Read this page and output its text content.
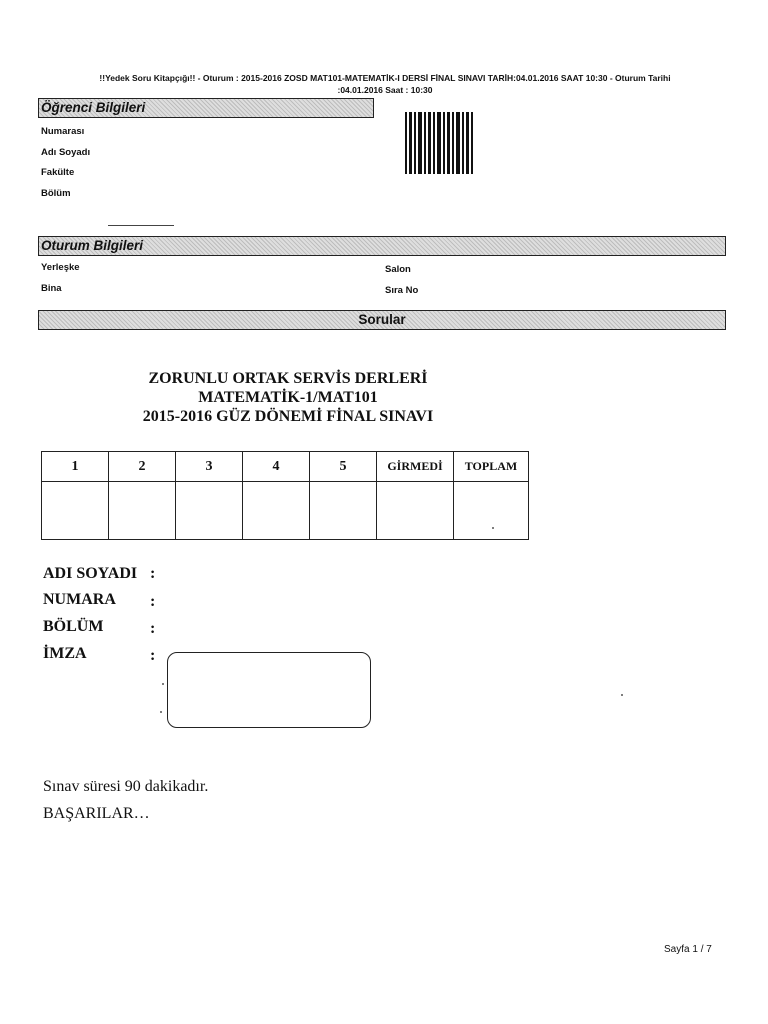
!!Yedek Soru Kitapçığı!! - Oturum : 2015-2016 ZOSD MAT101-MATEMATİK-I DERSİ FİNAL SINAVI TARİH:04.01.2016 SAAT 10:30 - Oturum Tarihi
:04.01.2016 Saat : 10:30
Öğrenci Bilgileri
Numarası
Adı Soyadı
Fakülte
Bölüm
Oturum Bilgileri
Yerleşke
Bina
Salon
Sıra No
Sorular
ZORUNLU ORTAK SERVİS DERLERİ
MATEMATİK-1/MAT101
2015-2016 GÜZ DÖNEMİ FİNAL SINAVI
1	2	3	4	5	GİRMEDİ	TOPLAM

ADI SOYADI :
NUMARA :
BÖLÜM	:
İMZA	:
Sınav süresi 90 dakikadır.
BAŞARILAR…
Sayfa 1 / 7
